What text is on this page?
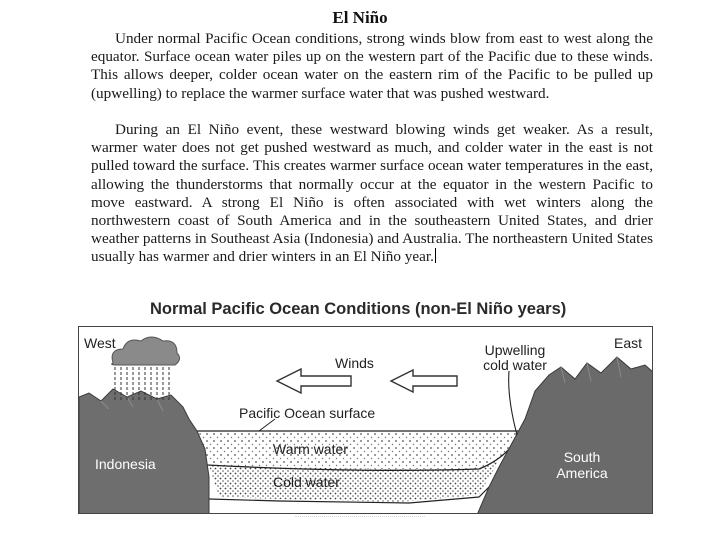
El Niño

Under normal Pacific Ocean conditions, strong winds blow from east to west along the equator. Surface ocean water piles up on the western part of the Pacific due to these winds. This allows deeper, colder ocean water on the eastern rim of the Pacific to be pulled up (upwelling) to replace the warmer surface water that was pushed westward.

During an El Niño event, these westward blowing winds get weaker. As a result, warmer water does not get pushed westward as much, and colder water in the east is not pulled toward the surface. This creates warmer surface ocean water temperatures in the east, allowing the thunderstorms that normally occur at the equator in the western Pacific to move eastward. A strong El Niño is often associated with wet winters along the northwestern coast of South America and in the southeastern United States, and drier weather patterns in Southeast Asia (Indonesia) and Australia. The northeastern United States usually has warmer and drier winters in an El Niño year.

Normal Pacific Ocean Conditions (non-El Niño years)
West	East
Winds
Upwelling
cold water
Pacific Ocean surface
Warm water
Cold water
Indonesia	South
America
